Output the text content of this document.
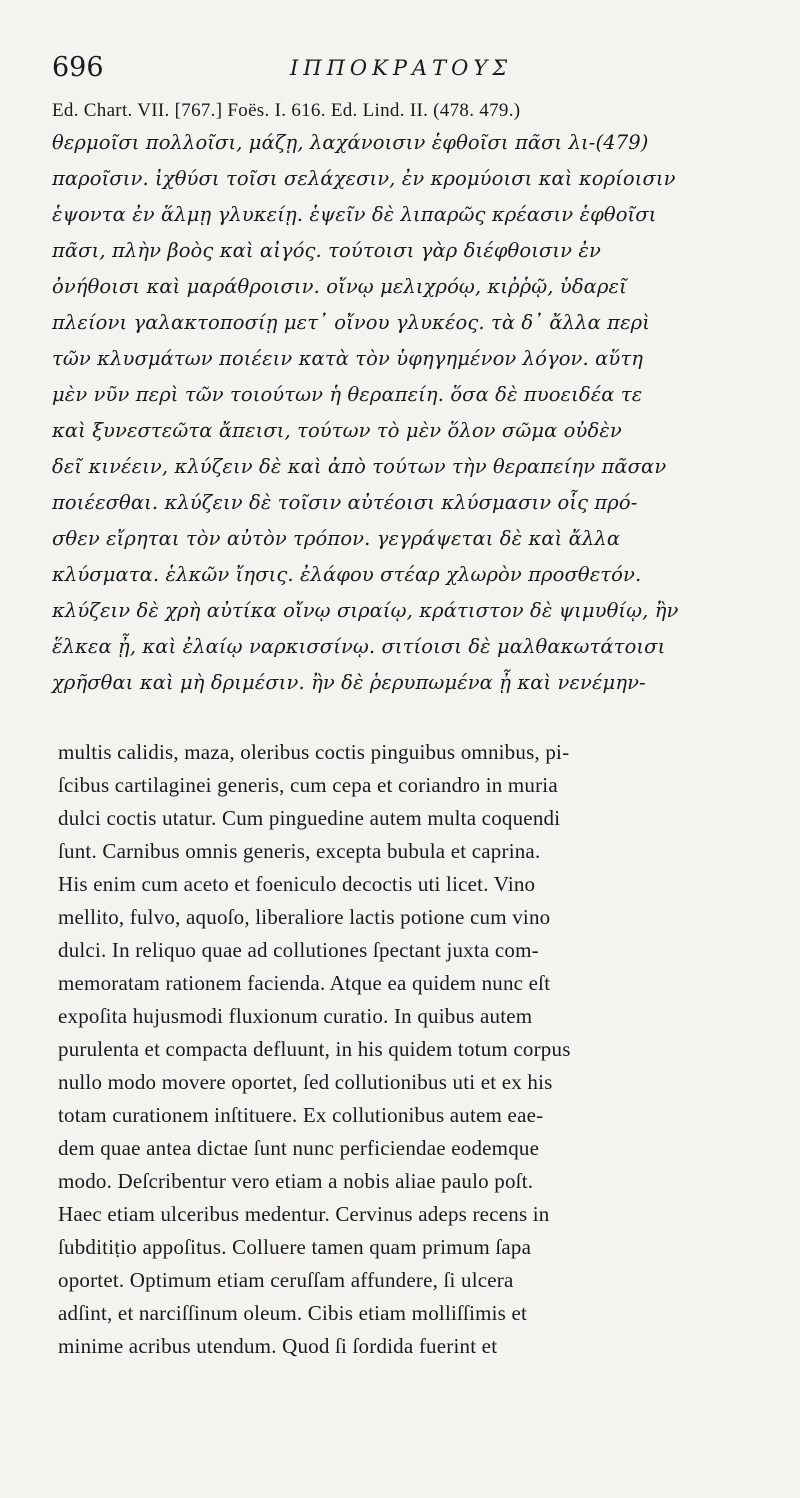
696	ΙΠΠΟΚΡΑΤΟΥΣ
Ed. Chart. VII. [767.] Foës. I. 616. Ed. Lind. II. (478. 479.)
θερμοῖσι πολλοῖσι, μάζῃ, λαχάνοισιν ἑφθοῖσι πᾶσι λι-(479)
παροῖσιν. ἰχθύσι τοῖσι σελάχεσιν, ἐν κρομύοισι καὶ κορίοισιν
ἑψοντα ἐν ἅλμῃ γλυκείῃ. ἑψεῖν δὲ λιπαρῶς κρέασιν ἑφθοῖσι
πᾶσι, πλὴν βοὸς καὶ αἰγός. τούτοισι γὰρ διέφθοισιν ἐν
ὀνήθοισι καὶ μαράθροισιν. οἴνῳ μελιχρόῳ, κιῤῥῷ, ὑδαρεῖ
πλείονι γαλακτοποσίῃ μετ᾽ οἴνου γλυκέος. τὰ δ᾽ ἄλλα περὶ
τῶν κλυσμάτων ποιέειν κατὰ τὸν ὑφηγημένον λόγον. αὕτη
μὲν νῦν περὶ τῶν τοιούτων ἡ θεραπείη. ὅσα δὲ πυοειδέα τε
καὶ ξυνεστεῶτα ἄπεισι, τούτων τὸ μὲν ὅλον σῶμα οὐδὲν
δεῖ κινέειν, κλύζειν δὲ καὶ ἀπὸ τούτων τὴν θεραπείην πᾶσαν
ποιέεσθαι. κλύζειν δὲ τοῖσιν αὐτέοισι κλύσμασιν οἷς πρό-
σθεν εἴρηται τὸν αὐτὸν τρόπον. γεγράψεται δὲ καὶ ἄλλα
κλύσματα. ἑλκῶν ἴησις. ἐλάφου στέαρ χλωρὸν προσθετόν.
κλύζειν δὲ χρὴ αὐτίκα οἴνῳ σιραίῳ, κράτιστον δὲ ψιμυθίῳ, ἢν
ἕλκεα ᾖ, καὶ ἐλαίῳ ναρκισσίνῳ. σιτίοισι δὲ μαλθακωτάτοισι
χρῆσθαι καὶ μὴ δριμέσιν. ἢν δὲ ῥερυπωμένα ᾖ καὶ νενέμην-
multis calidis, maza, oleribus coctis pinguibus omnibus, pi-
ſcibus cartilaginei generis, cum cepa et coriandro in muria
dulci coctis utatur. Cum pinguedine autem multa coquendi
ſunt. Carnibus omnis generis, excepta bubula et caprina.
His enim cum aceto et foeniculo decoctis uti licet. Vino
mellito, fulvo, aquoſo, liberaliore lactis potione cum vino
dulci. In reliquo quae ad collutiones ſpectant juxta com-
memoratam rationem facienda. Atque ea quidem nunc eſt
expoſita hujusmodi fluxionum curatio. In quibus autem
purulenta et compacta defluunt, in his quidem totum corpus
nullo modo movere oportet, ſed collutionibus uti et ex his
totam curationem inſtituere. Ex collutionibus autem eae-
dem quae antea dictae ſunt nunc perficiendae eodemque
modo. Deſcribentur vero etiam a nobis aliae paulo poſt.
Haec etiam ulceribus medentur. Cervinus adeps recens in
ſubditiṭio appoſitus. Colluere tamen quam primum ſapa
oportet. Optimum etiam ceruſſam affundere, ſi ulcera
adſint, et narciſſinum oleum. Cibis etiam molliſſimis et
minime acribus utendum. Quod ſi ſordida fuerint et
